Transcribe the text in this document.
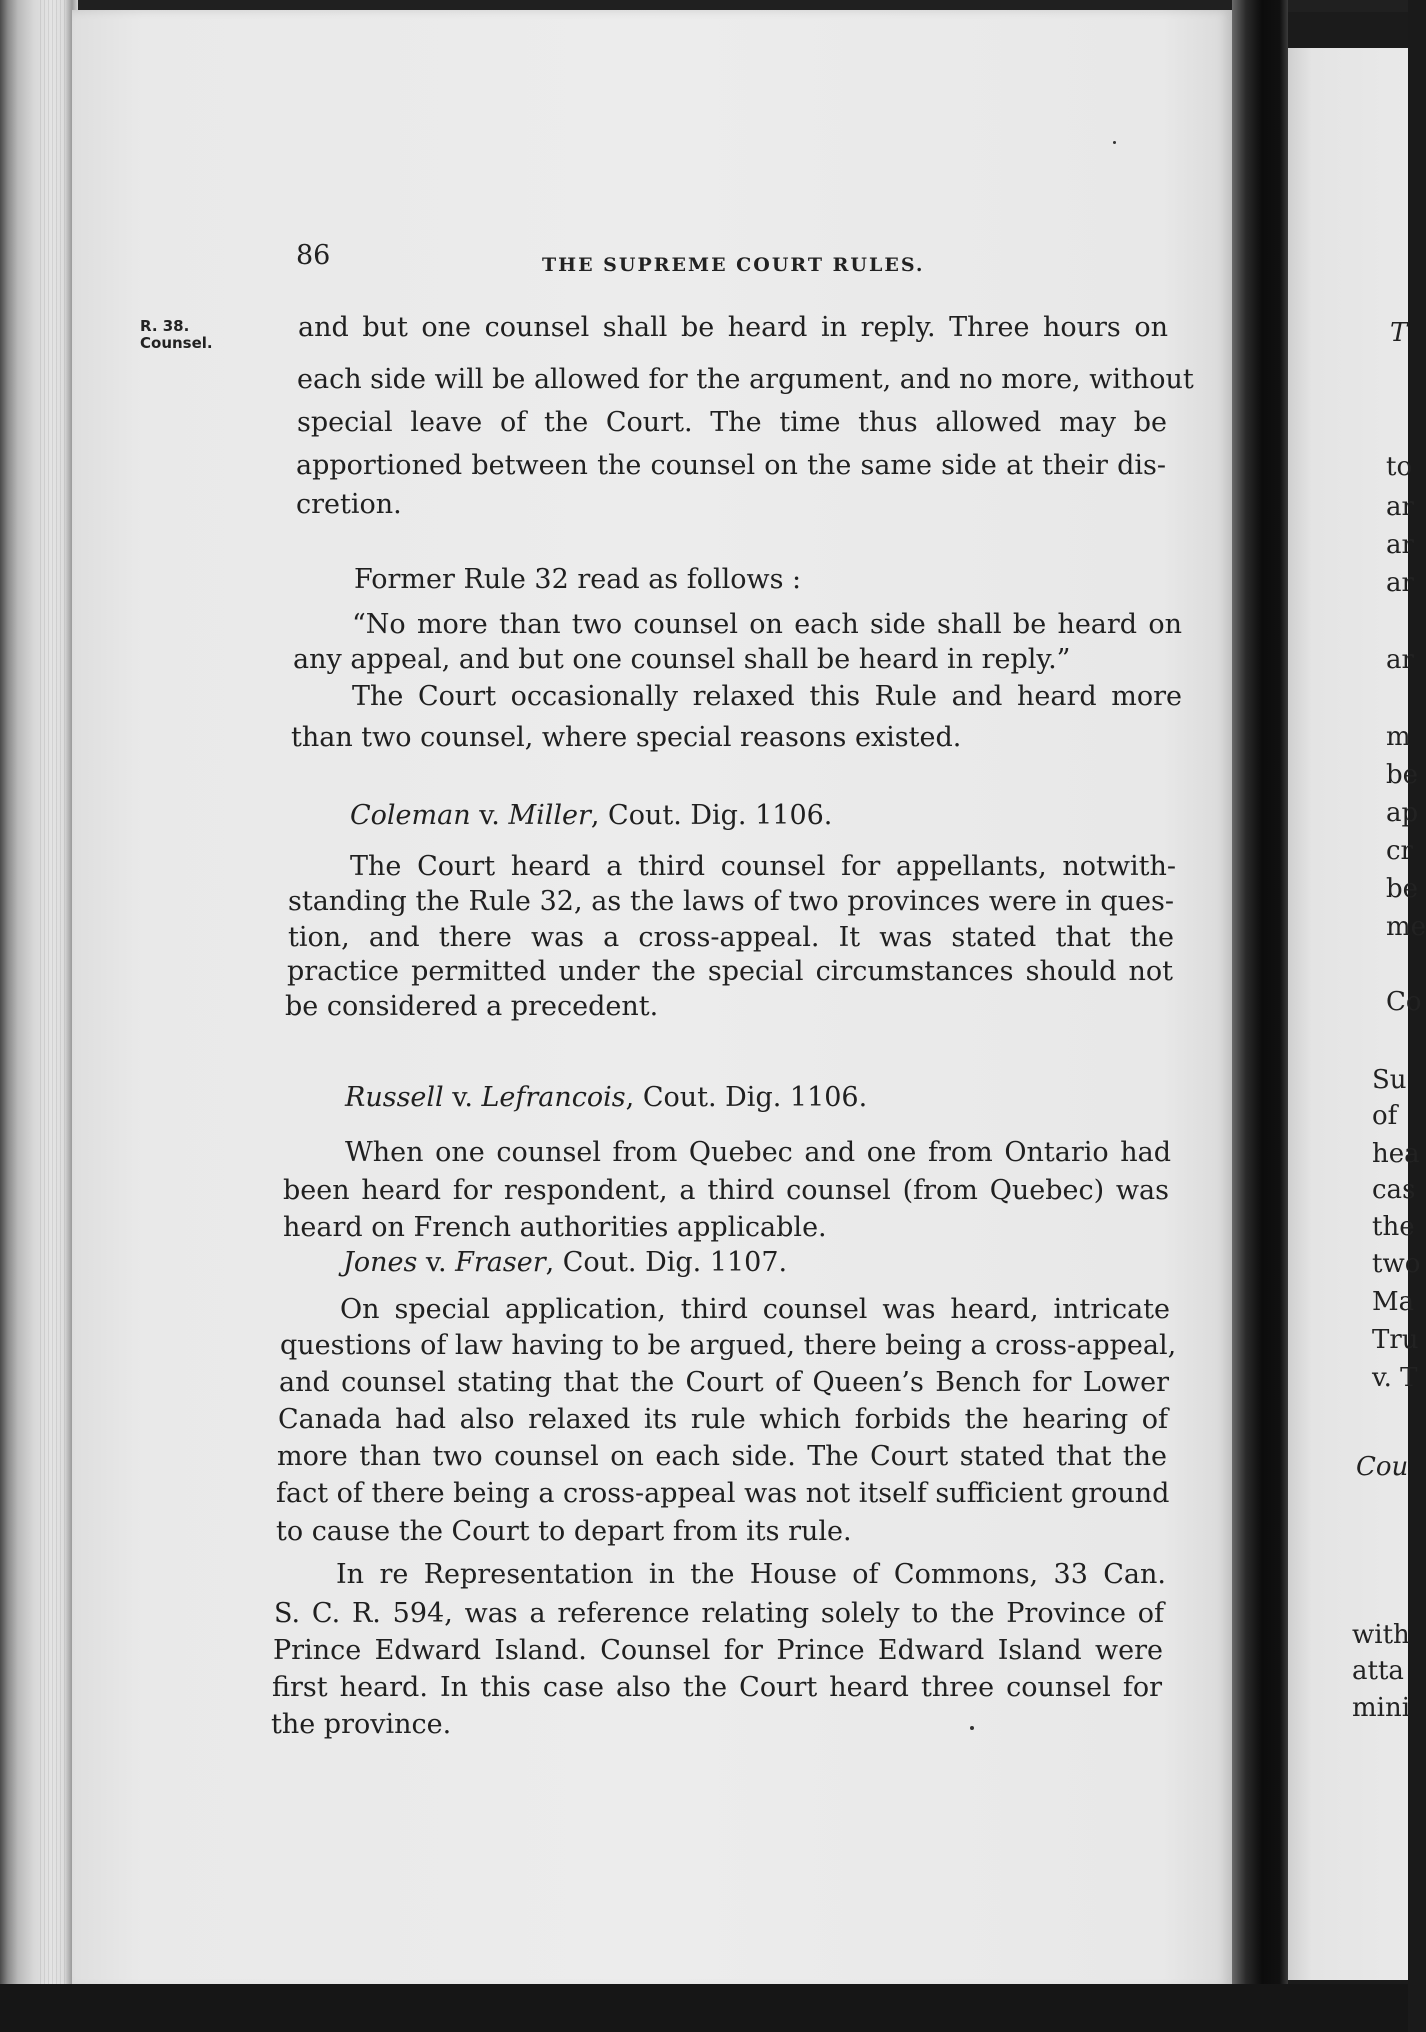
86	THE SUPREME COURT RULES.
R. 38.
Counsel.	and but one counsel shall be heard in reply. Three hours on
each side will be allowed for the argument, and no more, without
special leave of the Court. The time thus allowed may be
apportioned between the counsel on the same side at their dis-
cretion.
Former Rule 32 read as follows :
“No more than two counsel on each side shall be heard on
any appeal, and but one counsel shall be heard in reply.”
The Court occasionally relaxed this Rule and heard more
than two counsel, where special reasons existed.
Coleman v. Miller, Cout. Dig. 1106.
The Court heard a third counsel for appellants, notwith-
standing the Rule 32, as the laws of two provinces were in ques-
tion, and there was a cross-appeal. It was stated that the
practice permitted under the special circumstances should not
be considered a precedent.
Russell v. Lefrancois, Cout. Dig. 1106.
When one counsel from Quebec and one from Ontario had
been heard for respondent, a third counsel (from Quebec) was
heard on French authorities applicable.
Jones v. Fraser, Cout. Dig. 1107.
On special application, third counsel was heard, intricate
questions of law having to be argued, there being a cross-appeal,
and counsel stating that the Court of Queen’s Bench for Lower
Canada had also relaxed its rule which forbids the hearing of
more than two counsel on each side. The Court stated that the
fact of there being a cross-appeal was not itself sufficient ground
to cause the Court to depart from its rule.
In re Representation in the House of Commons, 33 Can.
S. C. R. 594, was a reference relating solely to the Province of
Prince Edward Island. Counsel for Prince Edward Island were
first heard. In this case also the Court heard three counsel for
the province.
T
to
ar
ar
ar
ar
m
be
ap
cr
be
me
Co
Su
of
hea
cas
the
two
Ma
Tru
v. T
Cou
with
atta
mini
